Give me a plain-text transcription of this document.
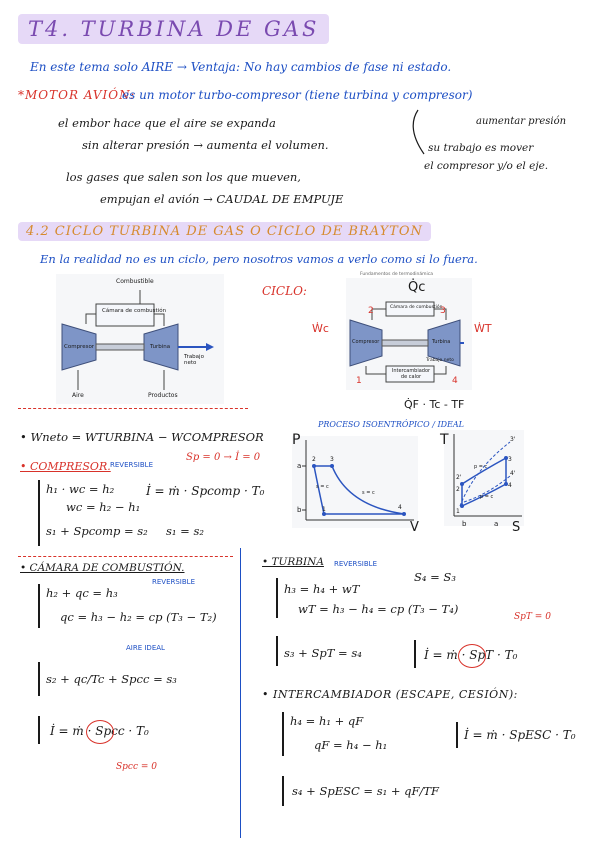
T4. TURBINA DE GAS
En este tema solo AIRE → Ventaja: No hay cambios de fase ni estado.
*MOTOR AVIÓN:
es un motor turbo-compresor (tiene turbina y compresor)
aumentar presión
el embor hace que el aire se expanda
sin alterar presión → aumenta el volumen.	su trabajo es mover
el compresor y/o el eje.
los gases que salen son los que mueven,
empujan el avión → CAUDAL DE EMPUJE
4.2 CICLO TURBINA DE GAS O CICLO DE BRAYTON
En la realidad no es un ciclo, pero nosotros vamos a verlo como si lo fuera.
Combustible
Cámara de combustión
Compresor	Turbina
Trabajo neto
Aire	Productos
CICLO:
Fundamentos de termodinámica
Cámara de combustión
Compresor	Turbina
Intercambiador de calor
Trabajo neto
Q̇c
Ẇc	ẆT
Q̇F · Tc - TF
1
2	3
4
PROCESO ISOENTRÓPICO / IDEAL
P
V
a
b
2 3
4
1
s = c
s = c
T
S
1
2
2'
3
3'
4
4'
p = c
p = c
b	a
• Wneto = WTURBINA − WCOMPRESOR
• COMPRESOR. REVERSIBLE
Sp = 0 → İ = 0
h₁ · wc = h₂
wc = h₂ − h₁
s₁ + Spcomp = s₂ s₁ = s₂
İ = ṁ · Spcomp · T₀
• CÁMARA DE COMBUSTIÓN.
REVERSIBLE
h₂ + qc = h₃
qc = h₃ − h₂ = cp (T₃ − T₂)
AIRE IDEAL
s₂ + qc/Tc + Spcc = s₃
İ = ṁ · Spcc · T₀
Spcc = 0
• TURBINA REVERSIBLE
S₄ = S₃
h₃ = h₄ + wT
wT = h₃ − h₄ = cp (T₃ − T₄)
SpT = 0
s₃ + SpT = s₄	İ = ṁ · SpT · T₀
• INTERCAMBIADOR (ESCAPE, CESIÓN):
h₄ = h₁ + qF
qF = h₄ − h₁
İ = ṁ · SpESC · T₀
s₄ + SpESC = s₁ + qF/TF
